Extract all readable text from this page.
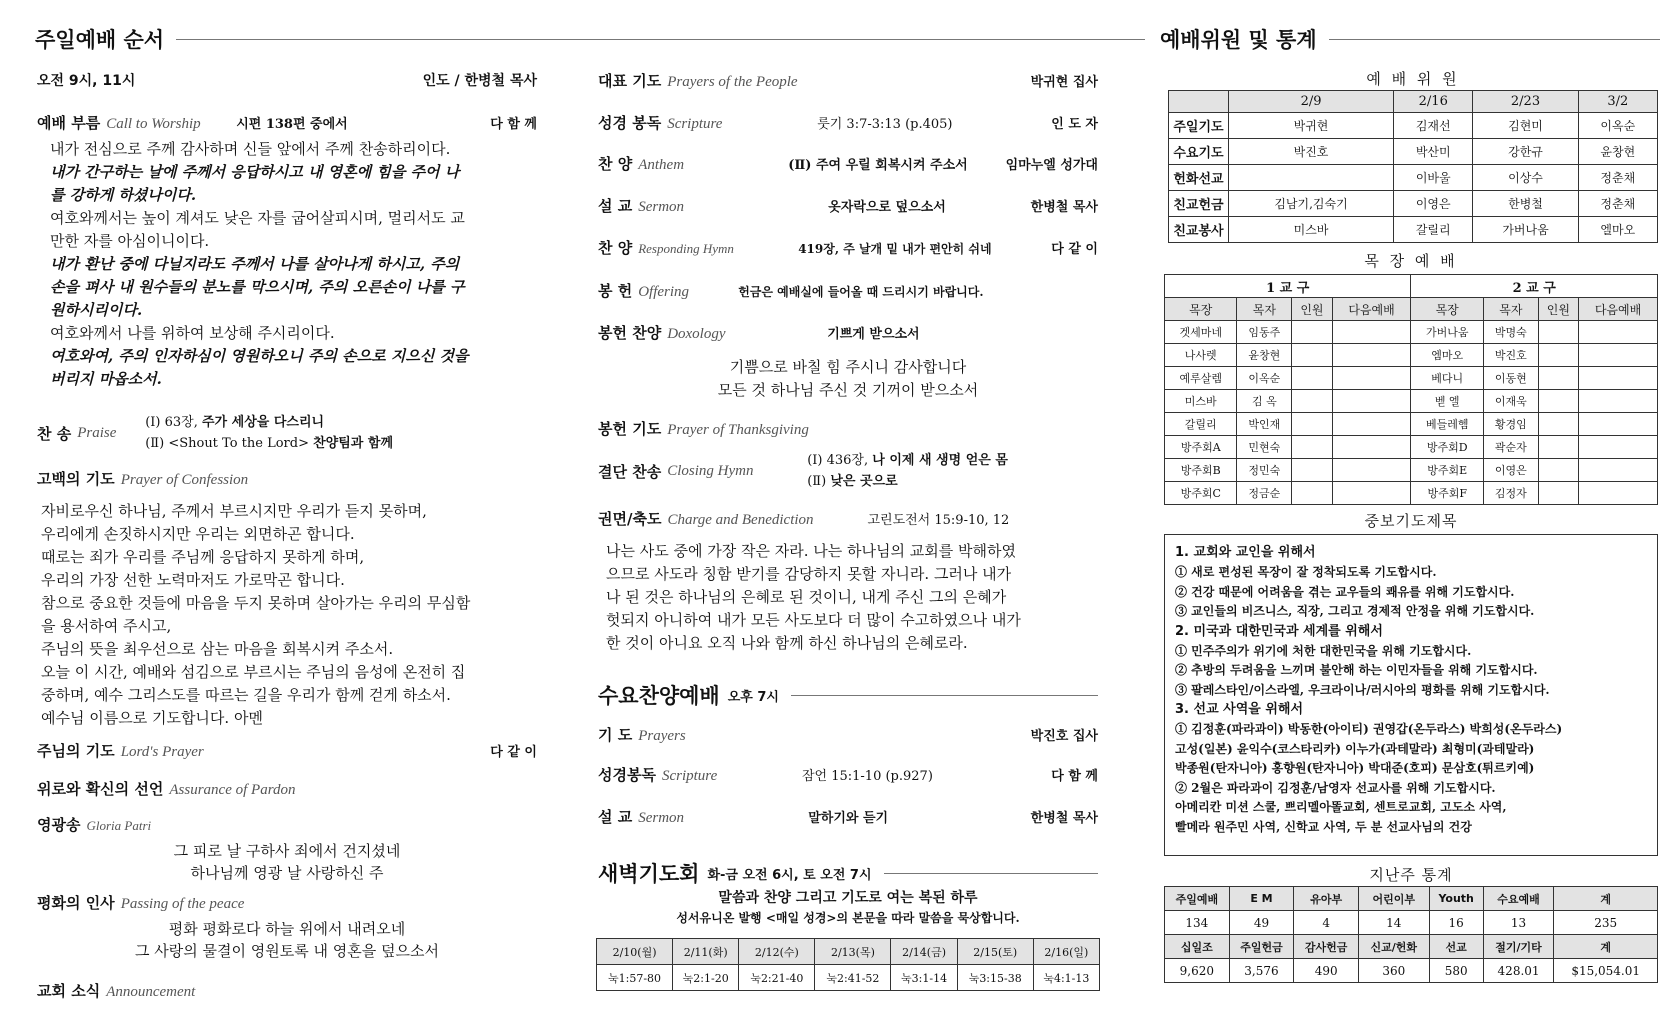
주일예배 순서
오전 9시, 11시	인도 / 한병철 목사
예배 부름 Call to Worship	시편 138편 중에서	다 함 께
내가 전심으로 주께 감사하며 신들 앞에서 주께 찬송하리이다.
내가 간구하는 날에 주께서 응답하시고 내 영혼에 힘을 주어 나
를 강하게 하셨나이다.
여호와께서는 높이 계셔도 낮은 자를 굽어살피시며, 멀리서도 교
만한 자를 아심이니이다.
내가 환난 중에 다닐지라도 주께서 나를 살아나게 하시고, 주의
손을 펴사 내 원수들의 분노를 막으시며, 주의 오른손이 나를 구
원하시리이다.
여호와께서 나를 위하여 보상해 주시리이다.
여호와여, 주의 인자하심이 영원하오니 주의 손으로 지으신 것을
버리지 마옵소서.
찬 송 Praise
(Ⅰ) 63장, 주가 세상을 다스리니
(Ⅱ) <Shout To the Lord> 찬양팀과 함께
고백의 기도 Prayer of Confession
자비로우신 하나님, 주께서 부르시지만 우리가 듣지 못하며,
우리에게 손짓하시지만 우리는 외면하곤 합니다.
때로는 죄가 우리를 주님께 응답하지 못하게 하며,
우리의 가장 선한 노력마저도 가로막곤 합니다.
참으로 중요한 것들에 마음을 두지 못하며 살아가는 우리의 무심함
을 용서하여 주시고,
주님의 뜻을 최우선으로 삼는 마음을 회복시켜 주소서.
오늘 이 시간, 예배와 섬김으로 부르시는 주님의 음성에 온전히 집
중하며, 예수 그리스도를 따르는 길을 우리가 함께 걷게 하소서.
예수님 이름으로 기도합니다. 아멘
주님의 기도 Lord's Prayer	다 같 이
위로와 확신의 선언 Assurance of Pardon
영광송 Gloria Patri
그 피로 날 구하사 죄에서 건지셨네
하나님께 영광 날 사랑하신 주
평화의 인사 Passing of the peace
평화 평화로다 하늘 위에서 내려오네
그 사랑의 물결이 영원토록 내 영혼을 덮으소서
교회 소식 Announcement
대표 기도 Prayers of the People	박귀현 집사
성경 봉독 Scripture	룻기 3:7-3:13 (p.405)	인 도 자
찬 양 Anthem	(Ⅱ) 주여 우릴 회복시켜 주소서	임마누엘 성가대
설 교 Sermon	옷자락으로 덮으소서	한병철 목사
찬 양 Responding Hymn	419장, 주 날개 밑 내가 편안히 쉬네	다 같 이
봉 헌 Offering	헌금은 예배실에 들어올 때 드리시기 바랍니다.
봉헌 찬양 Doxology	기쁘게 받으소서
기쁨으로 바칠 힘 주시니 감사합니다
모든 것 하나님 주신 것 기꺼이 받으소서
봉헌 기도 Prayer of Thanksgiving
결단 찬송 Closing Hymn
(Ⅰ) 436장, 나 이제 새 생명 얻은 몸
(Ⅱ) 낮은 곳으로
권면/축도 Charge and Benediction	고린도전서 15:9-10, 12
나는 사도 중에 가장 작은 자라. 나는 하나님의 교회를 박해하였
으므로 사도라 칭함 받기를 감당하지 못할 자니라. 그러나 내가
나 된 것은 하나님의 은혜로 된 것이니, 내게 주신 그의 은혜가
헛되지 아니하여 내가 모든 사도보다 더 많이 수고하였으나 내가
한 것이 아니요 오직 나와 함께 하신 하나님의 은혜로라.
수요찬양예배 오후 7시
기 도 Prayers	박진호 집사
성경봉독 Scripture	잠언 15:1-10 (p.927)	다 함 께
설 교 Sermon	말하기와 듣기	한병철 목사
새벽기도회 화-금 오전 6시, 토 오전 7시
말씀과 찬양 그리고 기도로 여는 복된 하루
성서유니온 발행 <매일 성경>의 본문을 따라 말씀을 묵상합니다.
2/10(월)	2/11(화)	2/12(수)	2/13(목)	2/14(금)	2/15(토)	2/16(일)
눅1:57-80	눅2:1-20	눅2:21-40	눅2:41-52	눅3:1-14	눅3:15-38	눅4:1-13
예배위원 및 통계
예 배 위 원
	2/9	2/16	2/23	3/2
주일기도	박귀현	김재선	김현미	이옥순
수요기도	박진호	박산미	강한규	윤창현
헌화선교		이바울	이상수	정춘채
친교헌금	김남기,김숙기	이영은	한병철	정춘채
친교봉사	미스바	갈릴리	가버나움	엘마오
목 장 예 배
1 교 구				2 교 구			
목장	목자	인원	다음예배	목장	목자	인원	다음예배
겟세마네	임동주			가버나움	박명숙		
나사렛	윤창현			엠마오	박진호		
예루살렘	이옥순			베다니	이동현		
미스바	김 옥			벧 엘	이재욱		
갈릴리	박인재			베들레헴	황경임		
방주회A	민현숙			방주회D	곽순자		
방주회B	정민숙			방주회E	이영은		
방주회C	정금순			방주회F	김정자		
중보기도제목
1. 교회와 교인을 위해서
① 새로 편성된 목장이 잘 정착되도록 기도합시다.
② 건강 때문에 어려움을 겪는 교우들의 쾌유를 위해 기도합시다.
③ 교인들의 비즈니스, 직장, 그리고 경제적 안정을 위해 기도합시다.
2. 미국과 대한민국과 세계를 위해서
① 민주주의가 위기에 처한 대한민국을 위해 기도합시다.
② 추방의 두려움을 느끼며 불안해 하는 이민자들을 위해 기도합시다.
③ 팔레스타인/이스라엘, 우크라이나/러시아의 평화를 위해 기도합시다.
3. 선교 사역을 위해서
① 김정훈(파라과이) 박동한(아이티) 권영갑(온두라스) 박희성(온두라스)
고성(일본) 윤익수(코스타리카) 이누가(과테말라) 최형미(과테말라)
박종원(탄자니아) 홍향원(탄자니아) 박대준(호피) 문삼호(튀르키예)
② 2월은 파라과이 김정훈/남영자 선교사를 위해 기도합시다.
아메리칸 미션 스쿨, 쁘리멜아똘교회, 센트로교회, 고도소 사역,
빨메라 원주민 사역, 신학교 사역, 두 분 선교사님의 건강
지난주 통계
주일예배	E M	유아부	어린이부	Youth	수요예배	계
134	49	4	14	16	13	235
십일조	주일헌금	감사헌금	신교/헌화	선교	절기/기타	계
9,620	3,576	490	360	580	428.01	$15,054.01
